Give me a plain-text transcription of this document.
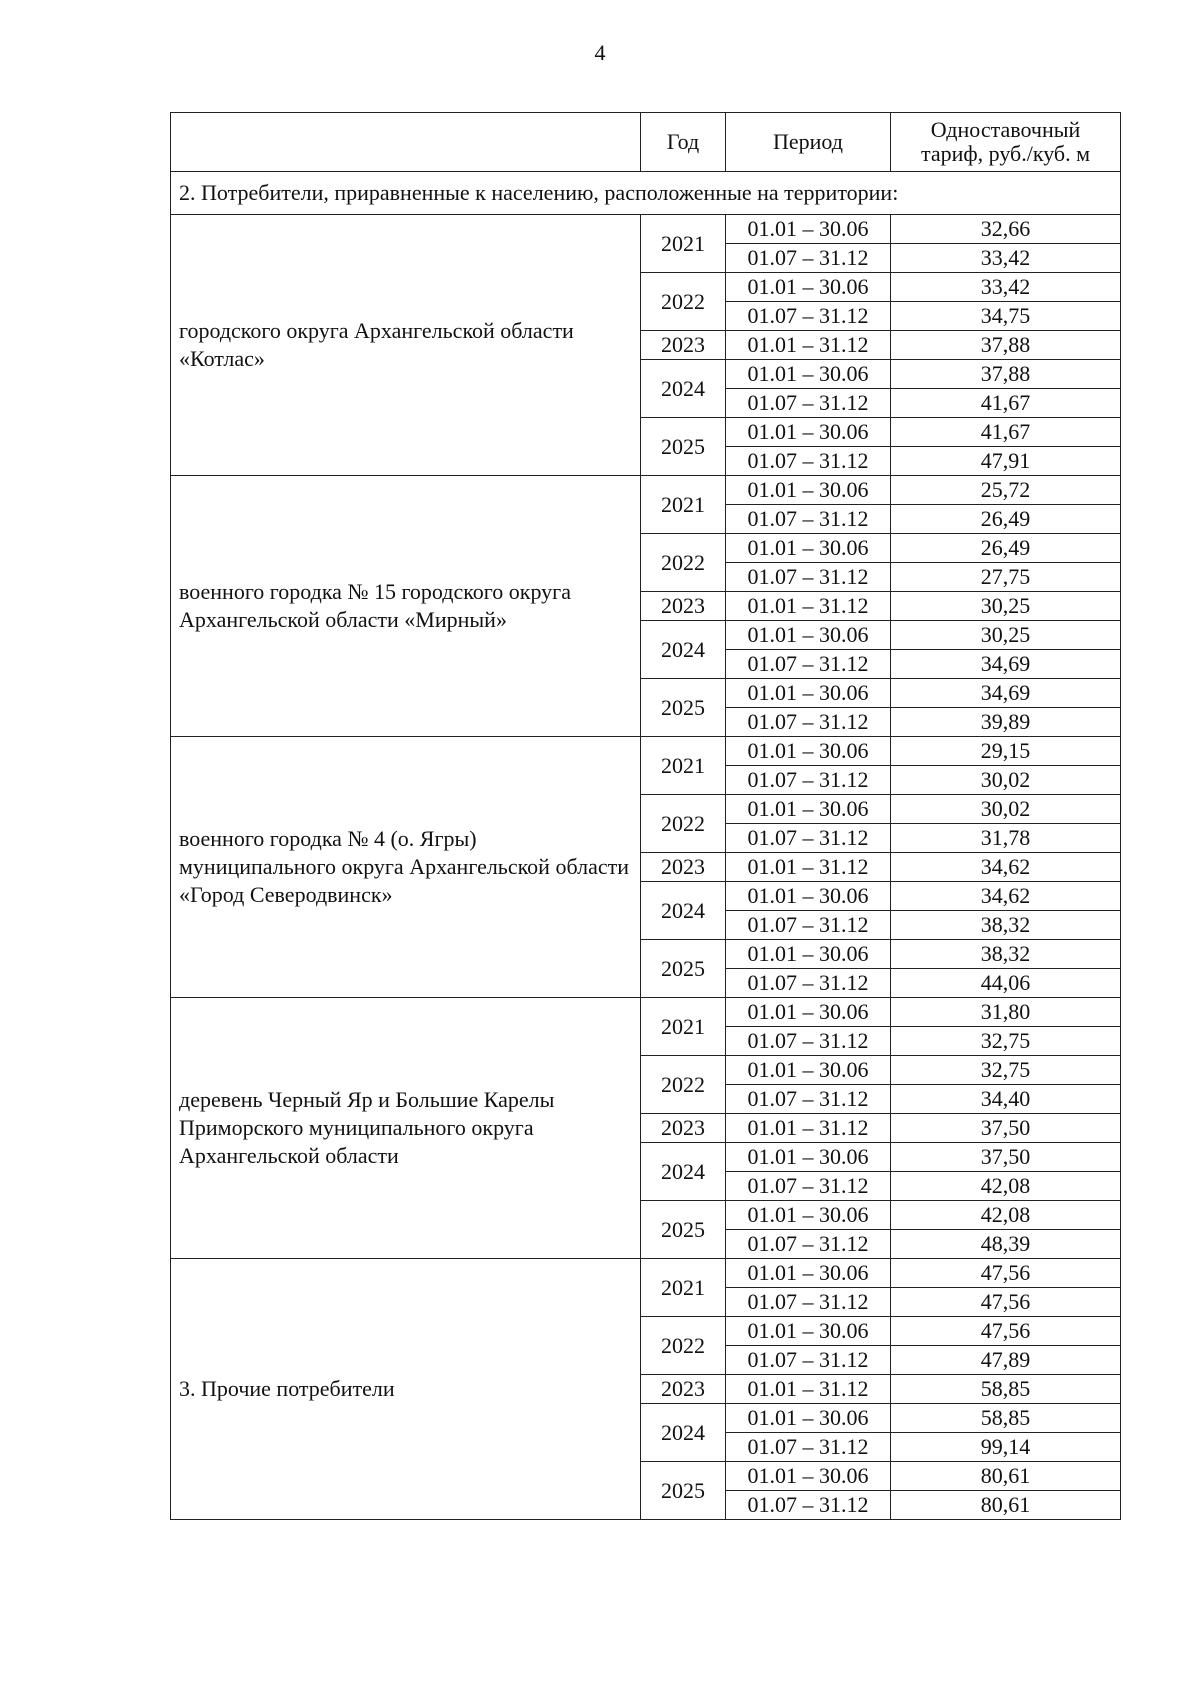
4
	Год	Период	Одноставочный
тариф, руб./куб. м
2. Потребители, приравненные к населению, расположенные на территории:			
городского округа Архангельской области «Котлас»	2021	01.01 – 30.06	32,66
		01.07 – 31.12	33,42
	2022	01.01 – 30.06	33,42
		01.07 – 31.12	34,75
	2023	01.01 – 31.12	37,88
	2024	01.01 – 30.06	37,88
		01.07 – 31.12	41,67
	2025	01.01 – 30.06	41,67
		01.07 – 31.12	47,91
военного городка № 15 городского округа Архангельской области «Мирный»	2021	01.01 – 30.06	25,72
		01.07 – 31.12	26,49
	2022	01.01 – 30.06	26,49
		01.07 – 31.12	27,75
	2023	01.01 – 31.12	30,25
	2024	01.01 – 30.06	30,25
		01.07 – 31.12	34,69
	2025	01.01 – 30.06	34,69
		01.07 – 31.12	39,89
военного городка № 4 (о. Ягры) муниципального округа Архангельской области «Город Северодвинск»	2021	01.01 – 30.06	29,15
		01.07 – 31.12	30,02
	2022	01.01 – 30.06	30,02
		01.07 – 31.12	31,78
	2023	01.01 – 31.12	34,62
	2024	01.01 – 30.06	34,62
		01.07 – 31.12	38,32
	2025	01.01 – 30.06	38,32
		01.07 – 31.12	44,06
деревень Черный Яр и Большие Карелы Приморского муниципального округа Архангельской области	2021	01.01 – 30.06	31,80
		01.07 – 31.12	32,75
	2022	01.01 – 30.06	32,75
		01.07 – 31.12	34,40
	2023	01.01 – 31.12	37,50
	2024	01.01 – 30.06	37,50
		01.07 – 31.12	42,08
	2025	01.01 – 30.06	42,08
		01.07 – 31.12	48,39
3. Прочие потребители	2021	01.01 – 30.06	47,56
		01.07 – 31.12	47,56
	2022	01.01 – 30.06	47,56
		01.07 – 31.12	47,89
	2023	01.01 – 31.12	58,85
	2024	01.01 – 30.06	58,85
		01.07 – 31.12	99,14
	2025	01.01 – 30.06	80,61
		01.07 – 31.12	80,61
